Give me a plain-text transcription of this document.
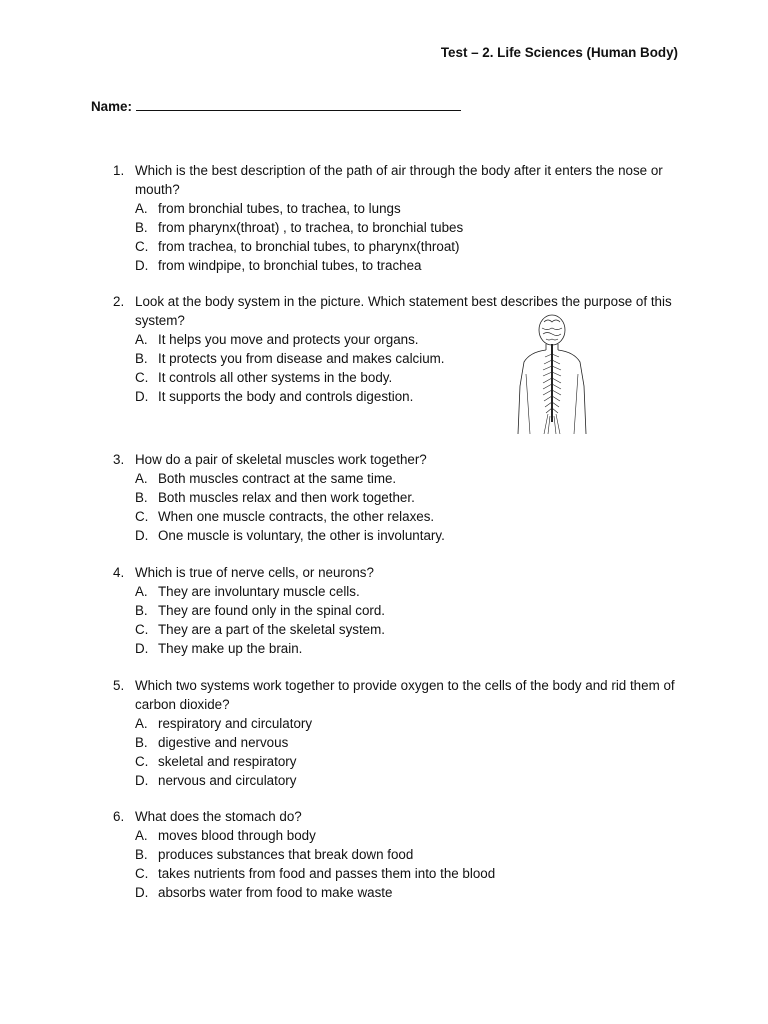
Test – 2. Life Sciences (Human Body)
Name:
1. Which is the best description of the path of air through the body after it enters the nose or mouth?
A. from bronchial tubes, to trachea, to lungs
B. from pharynx(throat) , to trachea, to bronchial tubes
C. from trachea, to bronchial tubes, to pharynx(throat)
D. from windpipe, to bronchial tubes, to trachea
2. Look at the body system in the picture. Which statement best describes the purpose of this system?
A. It helps you move and protects your organs.
B. It protects you from disease and makes calcium.
C. It controls all other systems in the body.
D. It supports the body and controls digestion.
3. How do a pair of skeletal muscles work together?
A. Both muscles contract at the same time.
B. Both muscles relax and then work together.
C. When one muscle contracts, the other relaxes.
D. One muscle is voluntary, the other is involuntary.
4. Which is true of nerve cells, or neurons?
A. They are involuntary muscle cells.
B. They are found only in the spinal cord.
C. They are a part of the skeletal system.
D. They make up the brain.
5. Which two systems work together to provide oxygen to the cells of the body and rid them of carbon dioxide?
A. respiratory and circulatory
B. digestive and nervous
C. skeletal and respiratory
D. nervous and circulatory
6. What does the stomach do?
A. moves blood through body
B. produces substances that break down food
C. takes nutrients from food and passes them into the blood
D. absorbs water from food to make waste
